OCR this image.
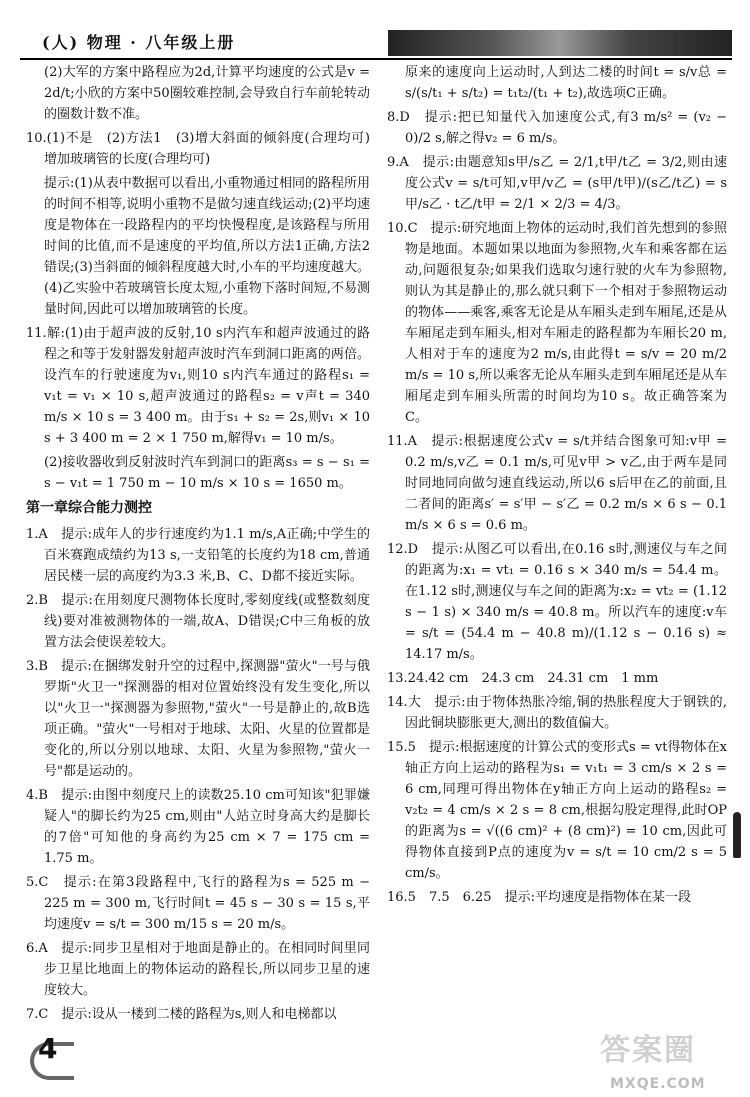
(人) 物理 · 八年级上册

(2)大军的方案中路程应为2d,计算平均速度的公式是v = 2d/t;小欣的方案中50圈较难控制,会导致自行车前轮转动的圈数计数不准。

10.(1)不是　(2)方法1　(3)增大斜面的倾斜度(合理均可)　增加玻璃管的长度(合理均可)

提示:(1)从表中数据可以看出,小重物通过相同的路程所用的时间不相等,说明小重物不是做匀速直线运动;(2)平均速度是物体在一段路程内的平均快慢程度,是该路程与所用时间的比值,而不是速度的平均值,所以方法1正确,方法2错误;(3)当斜面的倾斜程度越大时,小车的平均速度越大。(4)乙实验中若玻璃管长度太短,小重物下落时间短,不易测量时间,因此可以增加玻璃管的长度。

11.解:(1)由于超声波的反射,10 s内汽车和超声波通过的路程之和等于发射器发射超声波时汽车到洞口距离的两倍。设汽车的行驶速度为v₁,则10 s内汽车通过的路程s₁ = v₁t = v₁ × 10 s,超声波通过的路程s₂ = v声t = 340 m/s × 10 s = 3 400 m。由于s₁ + s₂ = 2s,则v₁ × 10 s + 3 400 m = 2 × 1 750 m,解得v₁ = 10 m/s。

(2)接收器收到反射波时汽车到洞口的距离s₃ = s − s₁ = s − v₁t = 1 750 m − 10 m/s × 10 s = 1650 m。

第一章综合能力测控

1.A　提示:成年人的步行速度约为1.1 m/s,A正确;中学生的百米赛跑成绩约为13 s,一支铅笔的长度约为18 cm,普通居民楼一层的高度约为3.3 米,B、C、D都不接近实际。

2.B　提示:在用刻度尺测物体长度时,零刻度线(或整数刻度线)要对准被测物体的一端,故A、D错误;C中三角板的放置方法会使误差较大。

3.B　提示:在捆绑发射升空的过程中,探测器"萤火"一号与俄罗斯"火卫一"探测器的相对位置始终没有发生变化,所以以"火卫一"探测器为参照物,"萤火"一号是静止的,故B选项正确。"萤火"一号相对于地球、太阳、火星的位置都是变化的,所以分别以地球、太阳、火星为参照物,"萤火一号"都是运动的。

4.B　提示:由图中刻度尺上的读数25.10 cm可知该"犯罪嫌疑人"的脚长约为25 cm,则由"人站立时身高大约是脚长的7倍"可知他的身高约为25 cm × 7 = 175 cm = 1.75 m。

5.C　提示:在第3段路程中,飞行的路程为s = 525 m − 225 m = 300 m,飞行时间t = 45 s − 30 s = 15 s,平均速度v = s/t = 300 m/15 s = 20 m/s。

6.A　提示:同步卫星相对于地面是静止的。在相同时间里同步卫星比地面上的物体运动的路程长,所以同步卫星的速度较大。

7.C　提示:设从一楼到二楼的路程为s,则人和电梯都以

原来的速度向上运动时,人到达二楼的时间t = s/v总 = s/(s/t₁ + s/t₂) = t₁t₂/(t₁ + t₂),故选项C正确。

8.D　提示:把已知量代入加速度公式,有3 m/s² = (v₂ − 0)/2 s,解之得v₂ = 6 m/s。

9.A　提示:由题意知s甲/s乙 = 2/1,t甲/t乙 = 3/2,则由速度公式v = s/t可知,v甲/v乙 = (s甲/t甲)/(s乙/t乙) = s甲/s乙 · t乙/t甲 = 2/1 × 2/3 = 4/3。

10.C　提示:研究地面上物体的运动时,我们首先想到的参照物是地面。本题如果以地面为参照物,火车和乘客都在运动,问题很复杂;如果我们选取匀速行驶的火车为参照物,则认为其是静止的,那么就只剩下一个相对于参照物运动的物体——乘客,乘客无论是从车厢头走到车厢尾,还是从车厢尾走到车厢头,相对车厢走的路程都为车厢长20 m,人相对于车的速度为2 m/s,由此得t = s/v = 20 m/2 m/s = 10 s,所以乘客无论从车厢头走到车厢尾还是从车厢尾走到车厢头所需的时间均为10 s。故正确答案为C。

11.A　提示:根据速度公式v = s/t并结合图象可知:v甲 = 0.2 m/s,v乙 = 0.1 m/s,可见v甲 > v乙,由于两车是同时同地同向做匀速直线运动,所以6 s后甲在乙的前面,且二者间的距离s′ = s′甲 − s′乙 = 0.2 m/s × 6 s − 0.1 m/s × 6 s = 0.6 m。

12.D　提示:从图乙可以看出,在0.16 s时,测速仪与车之间的距离为:x₁ = vt₁ = 0.16 s × 340 m/s = 54.4 m。在1.12 s时,测速仪与车之间的距离为:x₂ = vt₂ = (1.12 s − 1 s) × 340 m/s = 40.8 m。所以汽车的速度:v车 = s/t = (54.4 m − 40.8 m)/(1.12 s − 0.16 s) ≈ 14.17 m/s。

13.24.42 cm　24.3 cm　24.31 cm　1 mm

14.大　提示:由于物体热胀冷缩,铜的热胀程度大于钢铁的,因此铜块膨胀更大,测出的数值偏大。

15.5　提示:根据速度的计算公式的变形式s = vt得物体在x轴正方向上运动的路程为s₁ = v₁t₁ = 3 cm/s × 2 s = 6 cm,同理可得出物体在y轴正方向上运动的路程s₂ = v₂t₂ = 4 cm/s × 2 s = 8 cm,根据勾股定理得,此时OP的距离为s = √((6 cm)² + (8 cm)²) = 10 cm,因此可得物体直接到P点的速度为v = s/t = 10 cm/2 s = 5 cm/s。

16.5　7.5　6.25　提示:平均速度是指物体在某一段

4	答案圈
MXQE.COM
